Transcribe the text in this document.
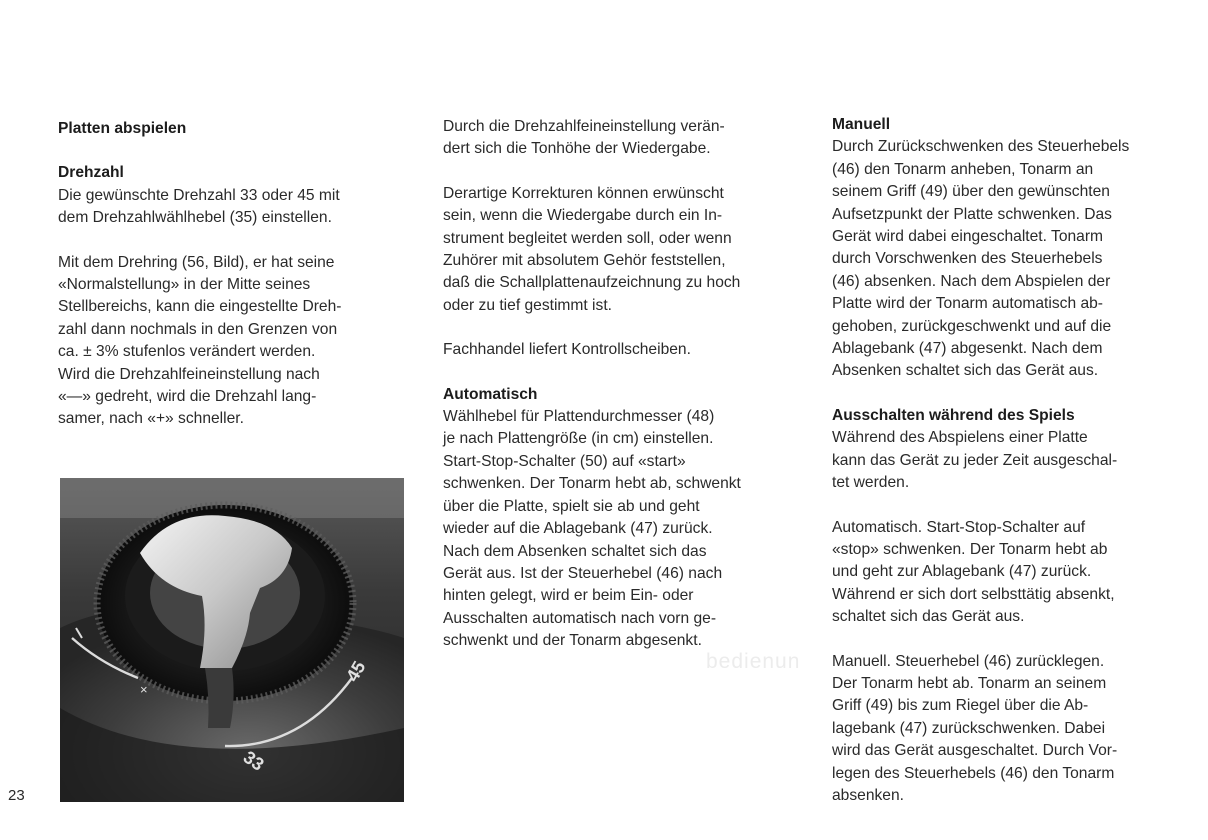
bedienun

Platten abspielen

Drehzahl

Die gewünschte Drehzahl 33 oder 45 mit
dem Drehzahlwählhebel (35) einstellen.

Mit dem Drehring (56, Bild), er hat seine
«Normalstellung» in der Mitte seines
Stellbereichs, kann die eingestellte Dreh-
zahl dann nochmals in den Grenzen von
ca. ± 3% stufenlos verändert werden.
Wird die Drehzahlfeineinstellung nach
«—» gedreht, wird die Drehzahl lang-
samer, nach «+» schneller.

×
33
45
23

Durch die Drehzahlfeineinstellung verän-
dert sich die Tonhöhe der Wiedergabe.

Derartige Korrekturen können erwünscht
sein, wenn die Wiedergabe durch ein In-
strument begleitet werden soll, oder wenn
Zuhörer mit absolutem Gehör feststellen,
daß die Schallplattenaufzeichnung zu hoch
oder zu tief gestimmt ist.

Fachhandel liefert Kontrollscheiben.

Automatisch

Wählhebel für Plattendurchmesser (48)
je nach Plattengröße (in cm) einstellen.
Start-Stop-Schalter (50) auf «start»
schwenken. Der Tonarm hebt ab, schwenkt
über die Platte, spielt sie ab und geht
wieder auf die Ablagebank (47) zurück.
Nach dem Absenken schaltet sich das
Gerät aus. Ist der Steuerhebel (46) nach
hinten gelegt, wird er beim Ein- oder
Ausschalten automatisch nach vorn ge-
schwenkt und der Tonarm abgesenkt.

Manuell

Durch Zurückschwenken des Steuerhebels
(46) den Tonarm anheben, Tonarm an
seinem Griff (49) über den gewünschten
Aufsetzpunkt der Platte schwenken. Das
Gerät wird dabei eingeschaltet. Tonarm
durch Vorschwenken des Steuerhebels
(46) absenken. Nach dem Abspielen der
Platte wird der Tonarm automatisch ab-
gehoben, zurückgeschwenkt und auf die
Ablagebank (47) abgesenkt. Nach dem
Absenken schaltet sich das Gerät aus.

Ausschalten während des Spiels

Während des Abspielens einer Platte
kann das Gerät zu jeder Zeit ausgeschal-
tet werden.

Automatisch. Start-Stop-Schalter auf
«stop» schwenken. Der Tonarm hebt ab
und geht zur Ablagebank (47) zurück.
Während er sich dort selbsttätig absenkt,
schaltet sich das Gerät aus.

Manuell. Steuerhebel (46) zurücklegen.
Der Tonarm hebt ab. Tonarm an seinem
Griff (49) bis zum Riegel über die Ab-
lagebank (47) zurückschwenken. Dabei
wird das Gerät ausgeschaltet. Durch Vor-
legen des Steuerhebels (46) den Tonarm
absenken.
